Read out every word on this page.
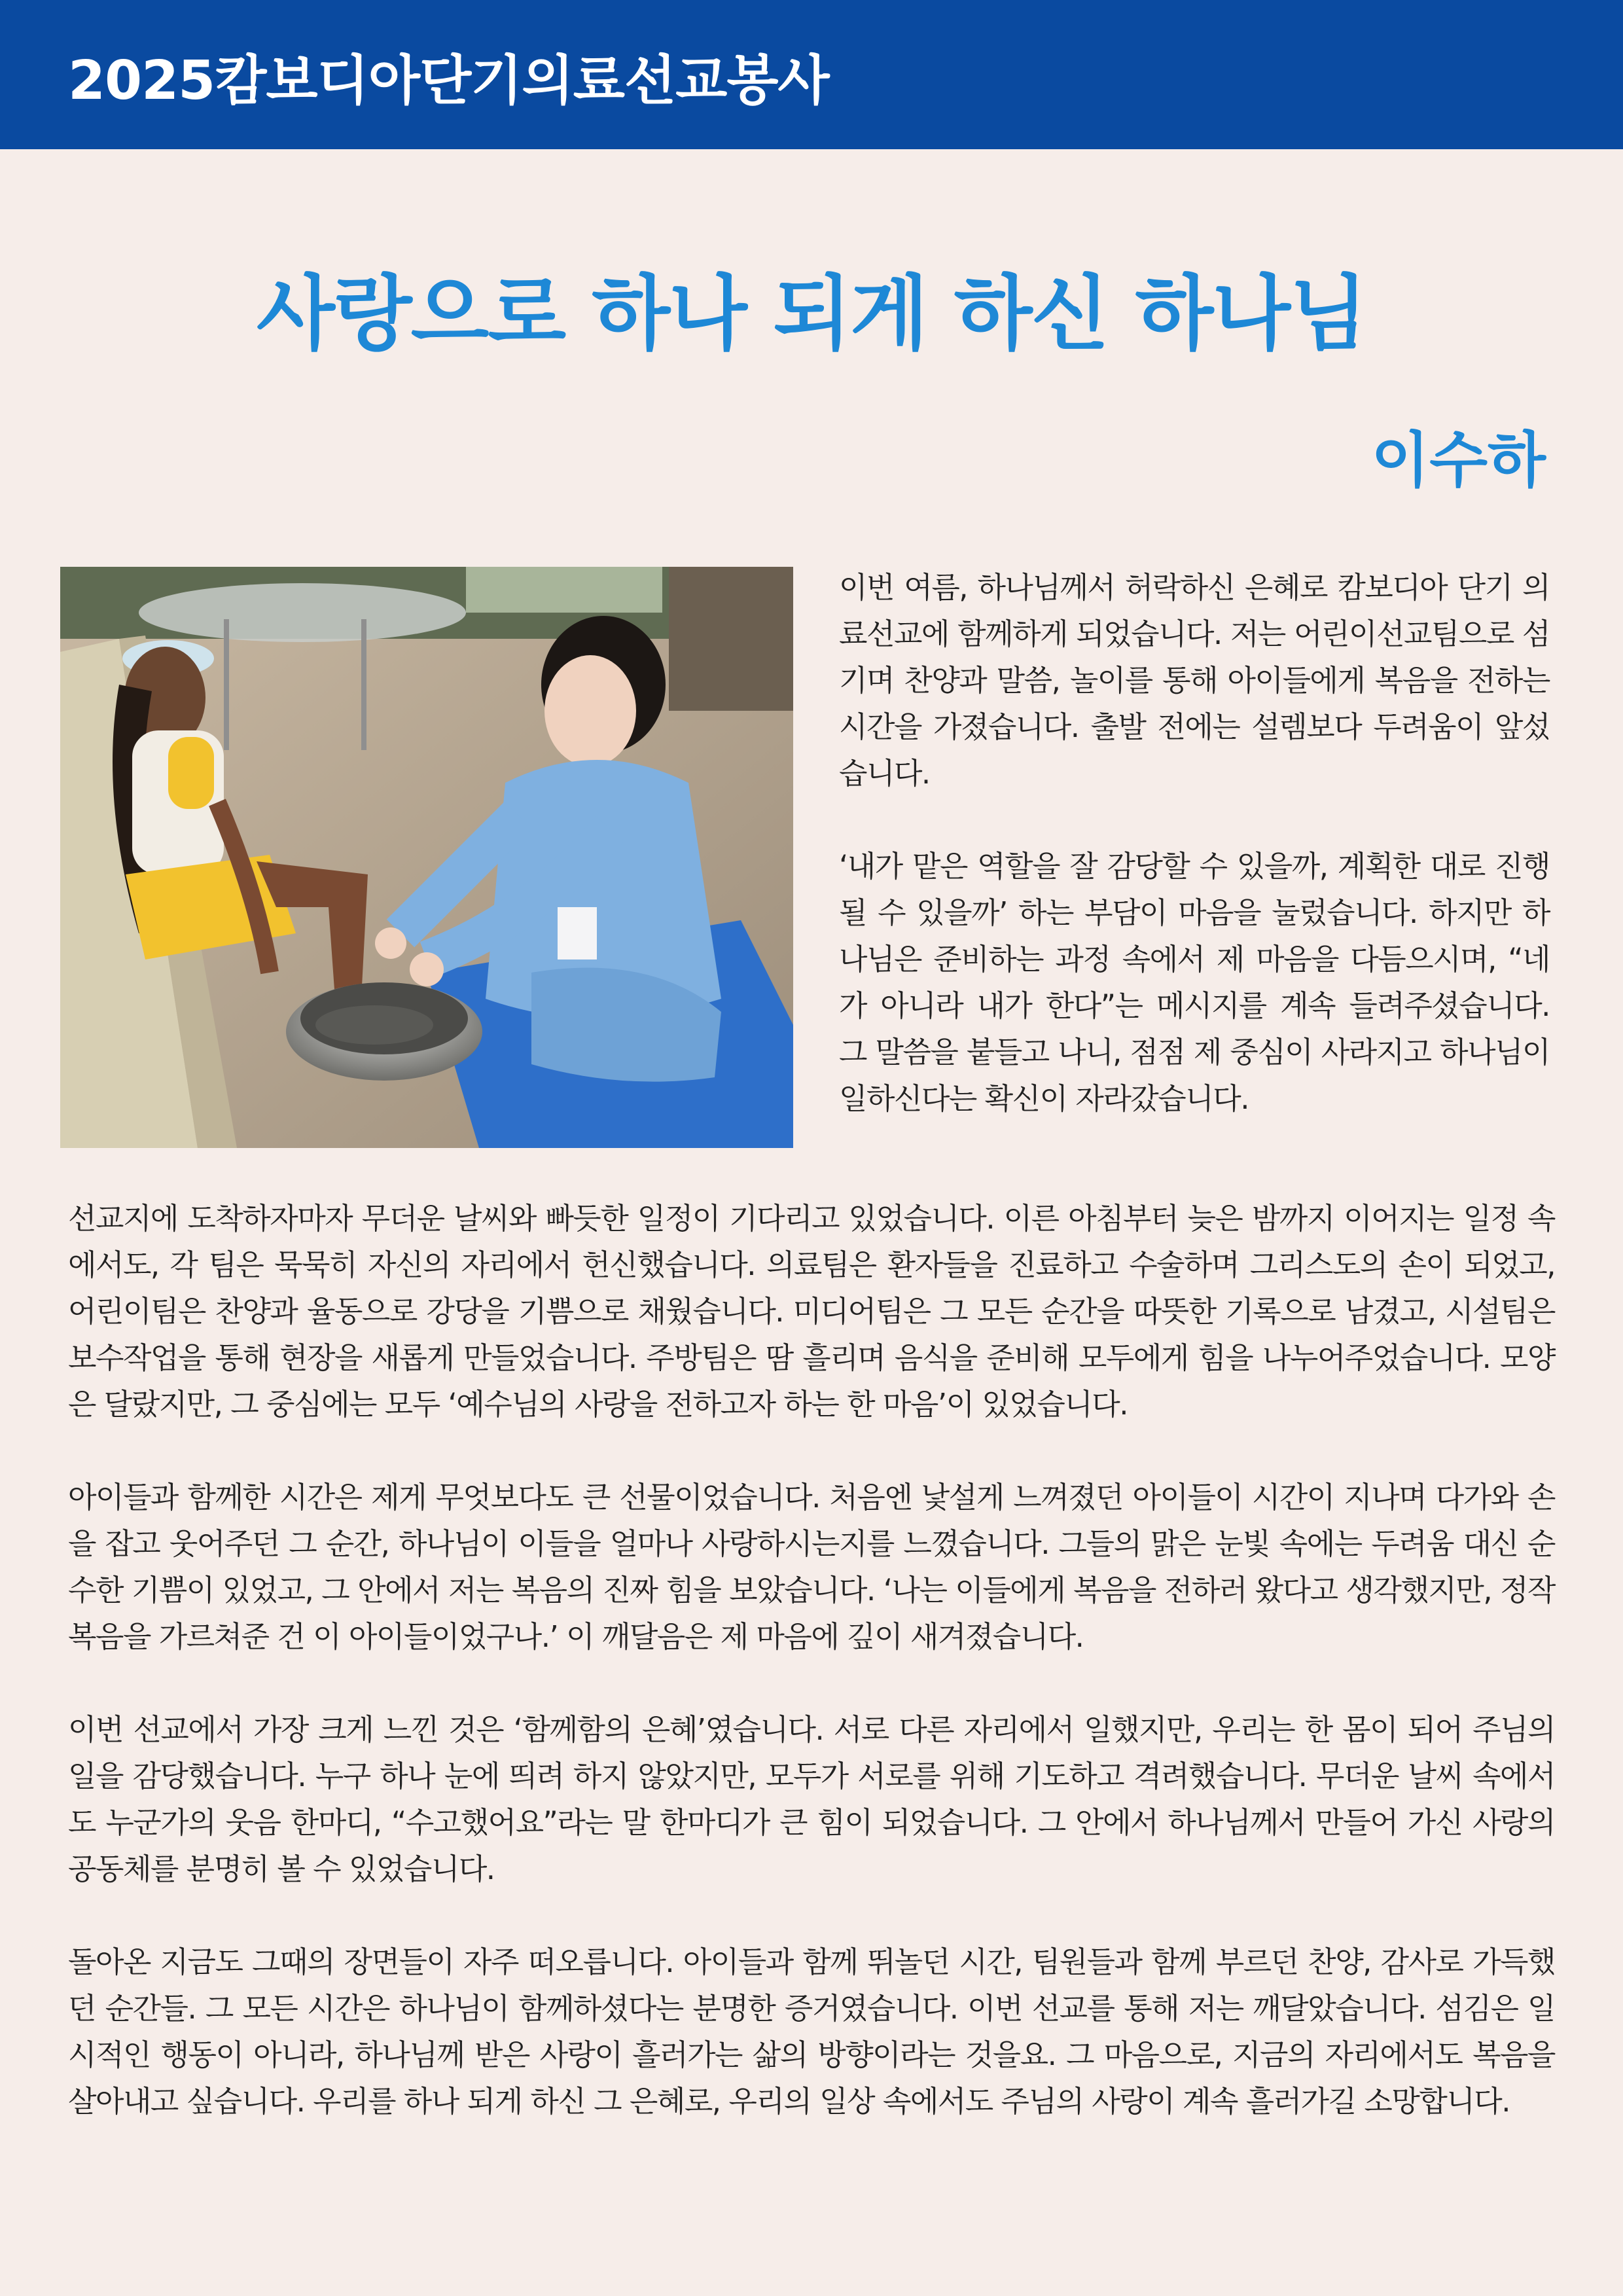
2025캄보디아단기의료선교봉사
사랑으로 하나 되게 하신 하나님
이수하

이번 여름, 하나님께서 허락하신 은혜로 캄보디아 단기 의료선교에 함께하게 되었습니다. 저는 어린이선교팀으로 섬기며 찬양과 말씀, 놀이를 통해 아이들에게 복음을 전하는 시간을 가졌습니다. 출발 전에는 설렘보다 두려움이 앞섰습니다.

‘내가 맡은 역할을 잘 감당할 수 있을까, 계획한 대로 진행될 수 있을까’ 하는 부담이 마음을 눌렀습니다. 하지만 하나님은 준비하는 과정 속에서 제 마음을 다듬으시며, “네가 아니라 내가 한다”는 메시지를 계속 들려주셨습니다. 그 말씀을 붙들고 나니, 점점 제 중심이 사라지고 하나님이 일하신다는 확신이 자라갔습니다.

선교지에 도착하자마자 무더운 날씨와 빠듯한 일정이 기다리고 있었습니다. 이른 아침부터 늦은 밤까지 이어지는 일정 속에서도, 각 팀은 묵묵히 자신의 자리에서 헌신했습니다. 의료팀은 환자들을 진료하고 수술하며 그리스도의 손이 되었고, 어린이팀은 찬양과 율동으로 강당을 기쁨으로 채웠습니다. 미디어팀은 그 모든 순간을 따뜻한 기록으로 남겼고, 시설팀은 보수작업을 통해 현장을 새롭게 만들었습니다. 주방팀은 땀 흘리며 음식을 준비해 모두에게 힘을 나누어주었습니다. 모양은 달랐지만, 그 중심에는 모두 ‘예수님의 사랑을 전하고자 하는 한 마음’이 있었습니다.

아이들과 함께한 시간은 제게 무엇보다도 큰 선물이었습니다. 처음엔 낯설게 느껴졌던 아이들이 시간이 지나며 다가와 손을 잡고 웃어주던 그 순간, 하나님이 이들을 얼마나 사랑하시는지를 느꼈습니다. 그들의 맑은 눈빛 속에는 두려움 대신 순수한 기쁨이 있었고, 그 안에서 저는 복음의 진짜 힘을 보았습니다. ‘나는 이들에게 복음을 전하러 왔다고 생각했지만, 정작 복음을 가르쳐준 건 이 아이들이었구나.’ 이 깨달음은 제 마음에 깊이 새겨졌습니다.

이번 선교에서 가장 크게 느낀 것은 ‘함께함의 은혜’였습니다. 서로 다른 자리에서 일했지만, 우리는 한 몸이 되어 주님의 일을 감당했습니다. 누구 하나 눈에 띄려 하지 않았지만, 모두가 서로를 위해 기도하고 격려했습니다. 무더운 날씨 속에서도 누군가의 웃음 한마디, “수고했어요”라는 말 한마디가 큰 힘이 되었습니다. 그 안에서 하나님께서 만들어 가신 사랑의 공동체를 분명히 볼 수 있었습니다.

돌아온 지금도 그때의 장면들이 자주 떠오릅니다. 아이들과 함께 뛰놀던 시간, 팀원들과 함께 부르던 찬양, 감사로 가득했던 순간들. 그 모든 시간은 하나님이 함께하셨다는 분명한 증거였습니다. 이번 선교를 통해 저는 깨달았습니다. 섬김은 일시적인 행동이 아니라, 하나님께 받은 사랑이 흘러가는 삶의 방향이라는 것을요. 그 마음으로, 지금의 자리에서도 복음을 살아내고 싶습니다. 우리를 하나 되게 하신 그 은혜로, 우리의 일상 속에서도 주님의 사랑이 계속 흘러가길 소망합니다.
